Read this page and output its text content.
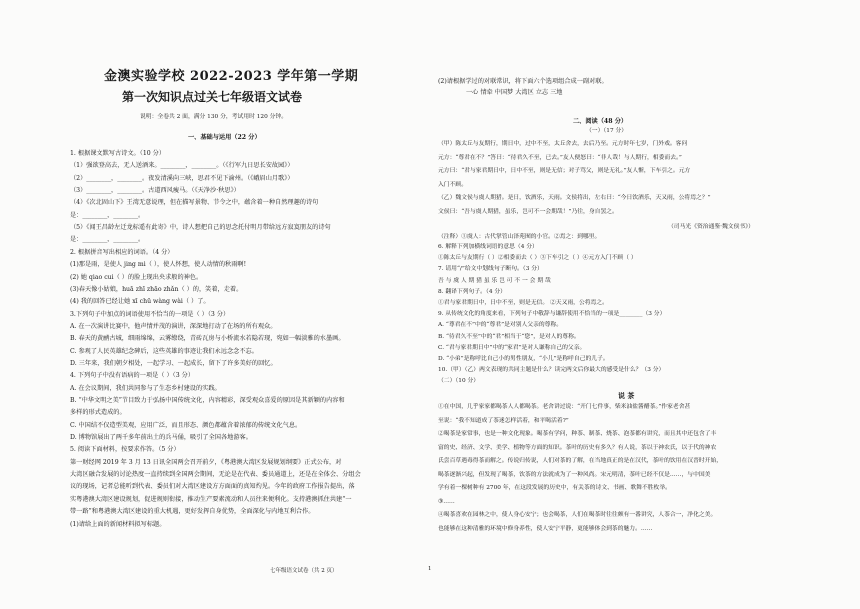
金澳实验学校 2022-2023 学年第一学期
第一次知识点过关七年级语文试卷
说明：全卷共 2 面，满分 130 分，考试用时 120 分钟。
一、基础与运用（22 分）
1. 根据课文默写古诗文。（10 分）
（1）强欲登高去，无人送酒来。________，________。（《行军九日思长安故园》）
（2）________，________。夜发清溪向三峡，思君不见下渝州。（《峨眉山月歌》）
（3）________，________。古道西风瘦马。（《天净沙·秋思》）
（4）《次北固山下》王湾无意说理，但在描写景物、节令之中，蕴含着一种自然理趣的诗句
是：________，________。
（5）《闻王昌龄左迁龙标遥有此寄》中，诗人想把自己的思念托付明月带给远方寂寞朋友的诗句
是：________，________。
2. 根据拼音写出相应的词语。（4 分）
(1)那是雨，是使人 jing mi（ ），使人怀想，使人动情的秋雨啊!
(2) 她 qiao cui（ ）的脸上现出央求般的神色。
(3)春天像小姑娘，huā zhī zhāo zhǎn（ ）的，笑着，走着。
(4) 我的回答已经让她 xī chū wàng wài（ ）了。
3.下列句子中加点的词语使用不恰当的一项是（ ）（3 分）
A. 在一次演讲比赛中，他声情并茂的演讲，深深地打动了在场的所有观众。
B. 春天的黄鹂古城，细雨绵绵，云雾缭绕，青砖瓦房与小桥流水若隐若现，宛如一幅淡雅的水墨画。
C. 参观了人民英雄纪念碑后，这些英雄的事迹让我们永远念念不忘。
D. 三年来，我们朝夕相处，一起学习、一起成长，留下了许多美好的回忆。
4. 下列句子中没有语病的一项是（ ）（3 分）
A. 在会议期间，我们共同参与了生态乡村建设的实践。
B. “中华文明之美”节目致力于弘扬中国传统文化，内容精彩，深受观众喜爱的原因是其新颖的内容和
多样的形式造成的。
C. 中国结不仅造型美观，应用广泛，而且形态、颜色都蕴含着浓郁的传统文化气息。
D. 博物馆展出了两千多年前出土的兵马俑，吸引了全国各地游客。
5. 阅读下面材料，按要求作答。（5 分）
第一财经网 2019 年 3 月 13 日讯全国两会召开前夕，《粤港澳大湾区发展规划纲要》正式公布，对
大湾区融合发展的讨论热度一直持续到全国两会期间，无论是在代表、委员通道上，还是在全体会、分组会
议的现场，记者总能听到代表、委员们对大湾区建设方方面面的真知灼见。今年的政府工作报告提出，落
实粤港澳大湾区建设规划，促进规则衔接，推动生产要素流动和人员往来便利化。支持港澳抓住共建“一
带一路”和粤港澳大湾区建设的重大机遇，更好发挥自身优势，全面深化与内地互利合作。
(1)请给上面的新闻材料拟写标题。
(2)请根据学过的对联常识，将下面六个选项组合成一副对联。
一心 情牵 中国梦 大湾区 立志 三地
二、阅读（48 分）
（一）（17 分）
（甲）陈太丘与友期行，期日中，过中不至，太丘舍去，去后乃至。元方时年七岁，门外戏。客问
元方：“尊君在不？”答曰：“待君久不至，已去。”友人便怒曰：“非人哉！与人期行，相委而去。”
元方曰：“君与家君期日中，日中不至，则是无信；对子骂父，则是无礼。”友人惭，下车引之。元方
入门不顾。
（乙）魏文侯与虞人期猎。是日，饮酒乐，天雨。文侯将出，左右曰：“今日饮酒乐，天又雨，公将焉之？”
文侯曰：“吾与虞人期猎，虽乐，岂可不一会期哉！”乃往，身自罢之。
（司马光《资治通鉴·魏文侯书》）
（注释）①虞人：古代掌管山泽苑囿的小官。②焉之：到哪里。
6. 解释下列加横线词语的意思（4 分）
①陈太丘与友期行（ ）②相委而去（ ）③下车引之（ ）④元方入门不顾（ ）
7. 请用“/”给文中划线句子断句。（3 分）
吾 与 虞 人 期 猎 虽 乐 岂 可 不 一 会 期 哉
8. 翻译下列句子。（4 分）
①君与家君期日中，日中不至，则是无信。 ②天又雨，公将焉之。
9. 从传统文化的角度来看，下列句子中敬辞与谦辞使用不恰当的一项是________（3 分）
A. “尊君在不”中的“尊君”是对别人父亲的尊称。
B. “待君久不至”中的“君”相当于“您”，是对人的尊称。
C. “君与家君期日中”中的“家君”是对人谦称自己的父亲。
D. “小弟”是称呼比自己小的男性朋友，“小儿”是称呼自己的儿子。
10.（甲）（乙）两文表现的共同主题是什么？读完两文后你最大的感受是什么？（3 分）
（二）（10 分）
说 茶
①在中国，几乎家家都喝茶人人都喝茶。老舍讲过说：“开门七件事，柴米油盐酱醋茶。”作家老舍甚
至说：“我不知道成了茶迷怎样活着，和平喝活着?”
②喝茶是家常事，也是一种文化现象。喝茶有学问，种茶、制茶、烧茶、泡茶都有讲究，而且其中还包含了丰
富的史、经济、文学、美学、植物等方面的知识。茶叶的历史有多久？有人说，茶以于神农氏，以于代的神农
氏尝百草遇毒得茶而解之。传说归传说，人们对茶的了解，在当地真正的是在汉代，茶叶的饮用在汉晋时开始，
喝茶逐渐兴起，但发现了喝茶，饮茶的方法就成为了一种风尚。宋元明清，茶叶已经不仅是……，与中国美
学有着一棵树种有 2700 年，在这段发展的历史中，有关茶的诗文、书画、歌舞不胜枚举。
③……
④喝茶喜欢在园林之中，使人身心安宁；也会喝茶，人们在喝茶时往往颇有一番讲究，人茶合一，净化之美。
也能够在这种清雅的环境中修身养性，使人安宁平静，更能够体会到茶的魅力。……
七年级语文试卷（共 2 页）	1
